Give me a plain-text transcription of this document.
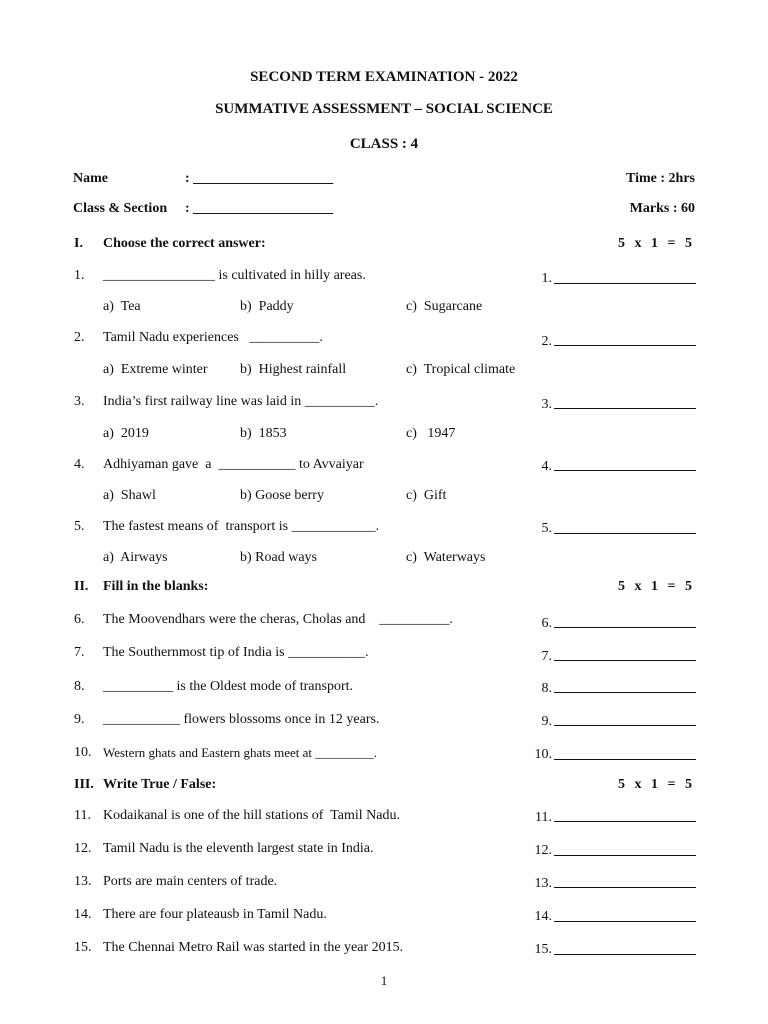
SECOND TERM EXAMINATION - 2022
SUMMATIVE ASSESSMENT – SOCIAL SCIENCE
CLASS : 4
Name	: ____________________	Time : 2hrs
Class & Section : ____________________	Marks : 60
I. Choose the correct answer:	5 x 1 = 5
1. ________________ is cultivated in hilly areas.	1.
a)  Tea	b)  Paddy	c)  Sugarcane
2. Tamil Nadu experiences   __________.	2.
a)  Extreme winter b)  Highest rainfall	c)  Tropical climate
3. India’s first railway line was laid in __________.	3.
a)  2019	b)  1853	c)   1947
4. Adhiyaman gave  a  ___________ to Avvaiyar	4.
a)  Shawl	b) Goose berry	c)  Gift
5. The fastest means of  transport is ____________.	5.
a)  Airways	b) Road ways	c)  Waterways
II. Fill in the blanks:	5 x 1 = 5
6. The Moovendhars were the cheras, Cholas and    __________.	6.
7. The Southernmost tip of India is ___________.	7.
8. __________ is the Oldest mode of transport.	8.
9. ___________ flowers blossoms once in 12 years.	9.
10. Western ghats and Eastern ghats meet at _________.	10.
III. Write True / False:	5 x 1 = 5
11. Kodaikanal is one of the hill stations of  Tamil Nadu.	11.
12. Tamil Nadu is the eleventh largest state in India.	12.
13. Ports are main centers of trade.	13.
14. There are four plateausb in Tamil Nadu.	14.
15. The Chennai Metro Rail was started in the year 2015.	15.
1
